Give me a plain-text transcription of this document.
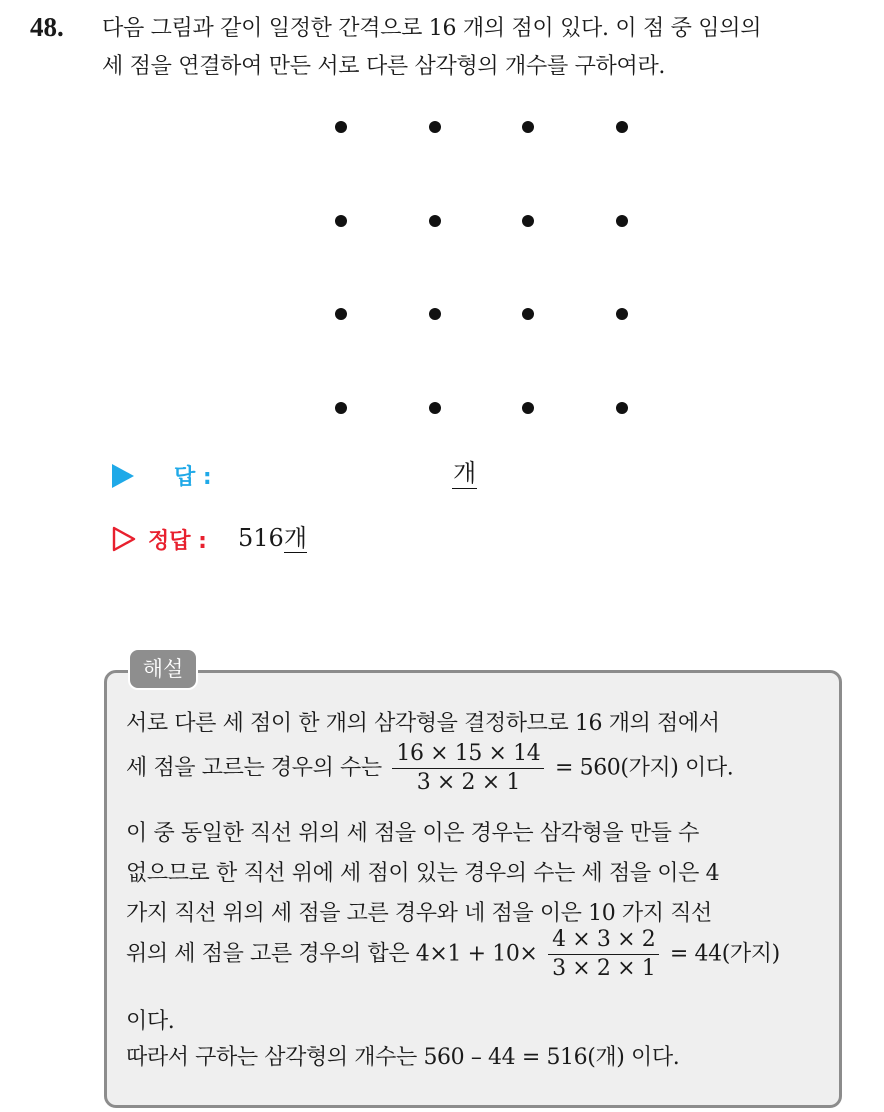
48. 다음 그림과 같이 일정한 간격으로 16 개의 점이 있다. 이 점 중 임의의
세 점을 연결하여 만든 서로 다른 삼각형의 개수를 구하여라.
답 :	개
정답 : 516개
해설
서로 다른 세 점이 한 개의 삼각형을 결정하므로 16 개의 점에서
세 점을 고르는 경우의 수는 $\frac{16 \times 15 \times 14}{3 \times 2 \times 1} = 560$(가지) 이다.
이 중 동일한 직선 위의 세 점을 이은 경우는 삼각형을 만들 수
없으므로 한 직선 위에 세 점이 있는 경우의 수는 세 점을 이은 4
가지 직선 위의 세 점을 고른 경우와 네 점을 이은 10 가지 직선
위의 세 점을 고른 경우의 합은 $4\times 1 + 10\times \frac{4 \times 3 \times 2}{3 \times 2 \times 1} = 44$(가지)
이다.
따라서 구하는 삼각형의 개수는 560 – 44 = 516(개) 이다.
